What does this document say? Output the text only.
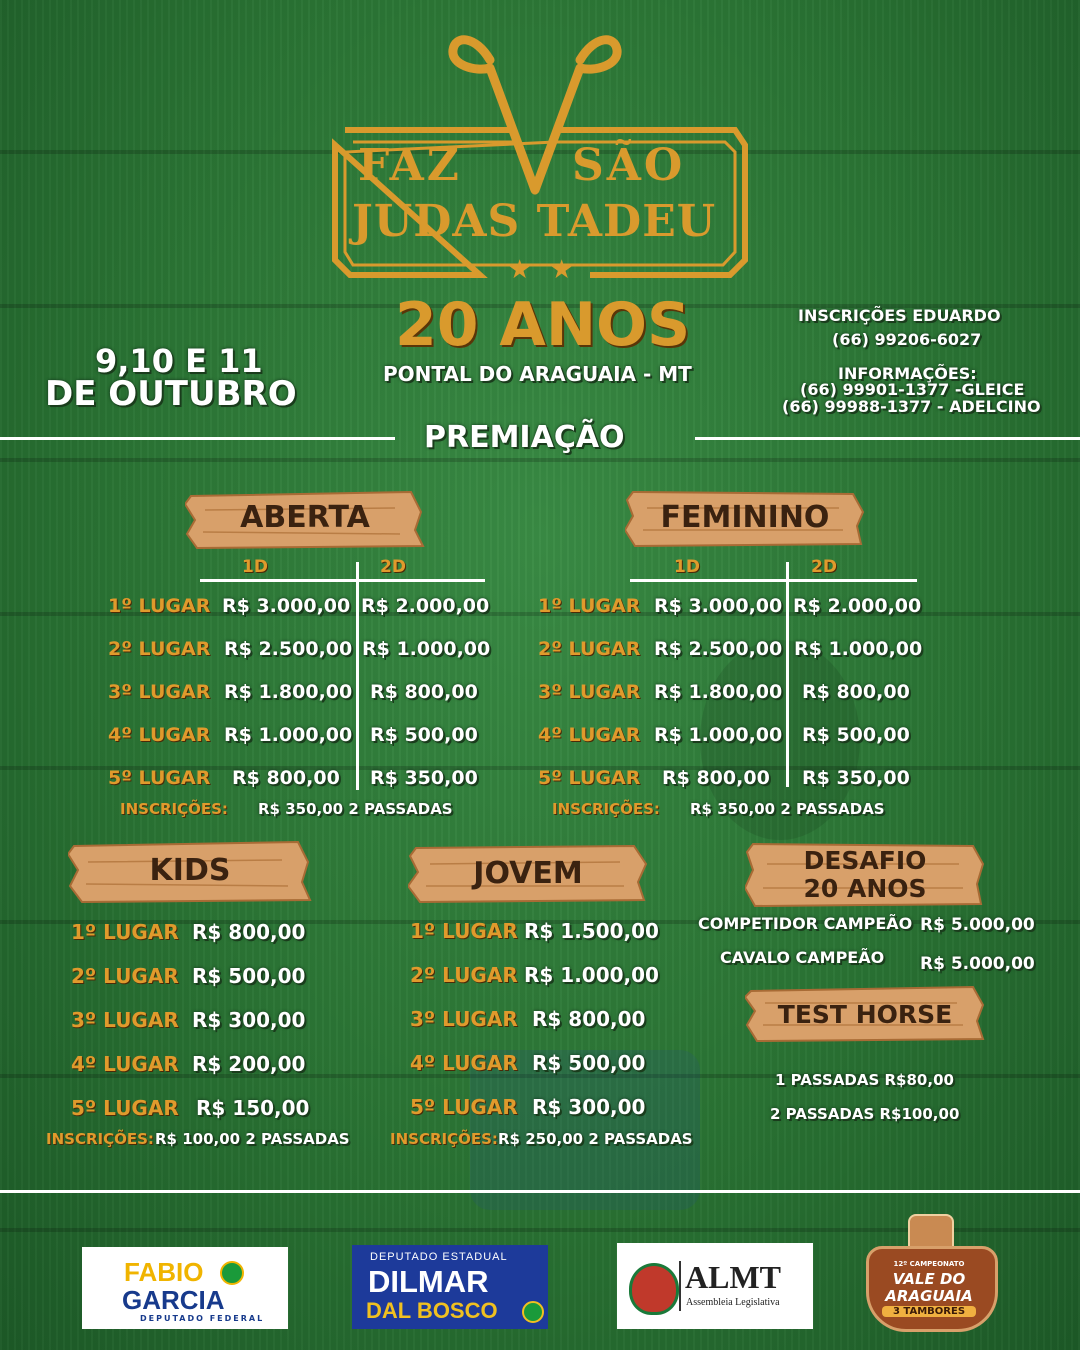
★ ★
FAZ	SÃO
JUDAS TADEU
20 ANOS
PONTAL DO ARAGUAIA - MT
9,10 E 11
DE OUTUBRO
INSCRIÇÕES EDUARDO
(66) 99206-6027
INFORMAÇÕES:
(66) 99901-1377 -GLEICE
(66) 99988-1377 - ADELCINO
PREMIAÇÃO
ABERTA
1D	2D
1º LUGAR R$ 3.000,00 R$ 2.000,00
2º LUGAR R$ 2.500,00 R$ 1.000,00
3º LUGAR R$ 1.800,00 R$ 800,00
4º LUGAR R$ 1.000,00 R$ 500,00
5º LUGAR R$ 800,00 R$ 350,00
INSCRIÇÕES: R$ 350,00 2 PASSADAS
FEMININO
1D	2D
1º LUGAR R$ 3.000,00 R$ 2.000,00
2º LUGAR R$ 2.500,00 R$ 1.000,00
3º LUGAR R$ 1.800,00 R$ 800,00
4º LUGAR R$ 1.000,00 R$ 500,00
5º LUGAR R$ 800,00 R$ 350,00
INSCRIÇÕES: R$ 350,00 2 PASSADAS
KIDS
1º LUGAR R$ 800,00
2º LUGAR R$ 500,00
3º LUGAR R$ 300,00
4º LUGAR R$ 200,00
5º LUGAR R$ 150,00
INSCRIÇÕES: R$ 100,00 2 PASSADAS
JOVEM
1º LUGAR R$ 1.500,00
2º LUGAR R$ 1.000,00
3º LUGAR R$ 800,00
4º LUGAR R$ 500,00
5º LUGAR R$ 300,00
INSCRIÇÕES: R$ 250,00 2 PASSADAS
DESAFIO
20 ANOS
COMPETIDOR CAMPEÃO R$ 5.000,00
CAVALO CAMPEÃO R$ 5.000,00
TEST HORSE
1 PASSADAS R$80,00
2 PASSADAS R$100,00
FABIO
GARCIA
DEPUTADO FEDERAL
DEPUTADO ESTADUAL
DILMAR
DAL BOSCO
ALMT
Assembleia Legislativa
12º CAMPEONATO
VALE DO
ARAGUAIA
3 TAMBORES
